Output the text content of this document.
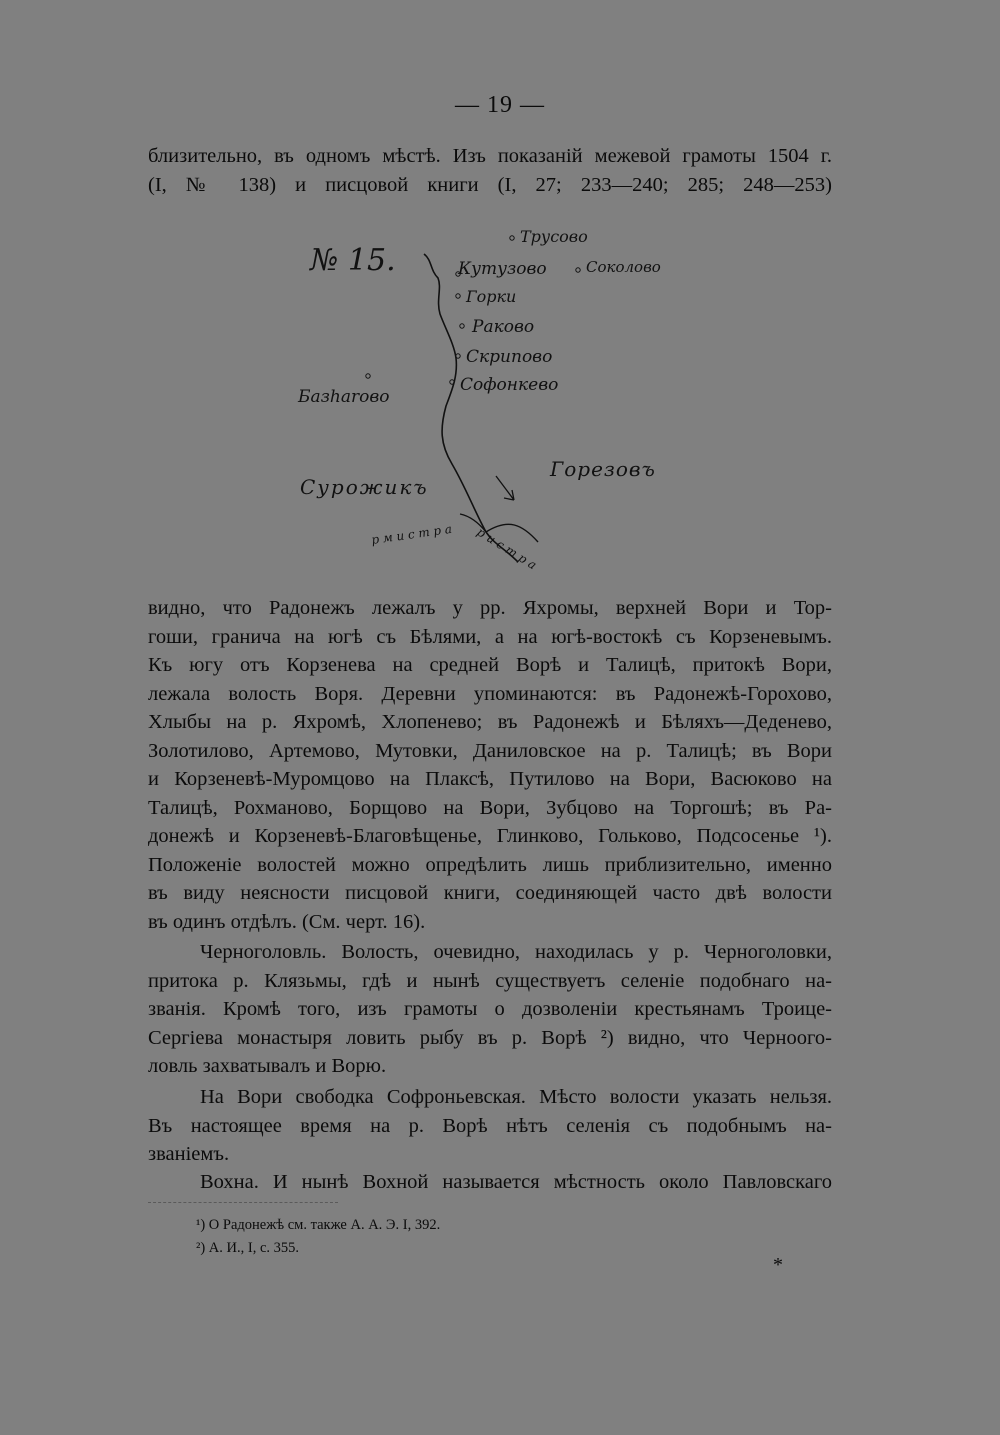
— 19 —
близительно, въ одномъ мѣстѣ. Изъ показаній межевой грамоты 1504 г.
(I, № 138) и писцовой книги (I, 27; 233—240; 285; 248—253)
№ 15.
Трусово
Кутузово	Соколово
Горки
Раково
Скрипово
Софонкево
Базharово
Сурожикъ
Горезовъ
р м и с т р а р и с т р а
видно, что Радонежъ лежалъ у рр. Яхромы, верхней Вори и Тор-
гоши, гранича на югѣ съ Бѣлями, а на югѣ-востокѣ съ Корзеневымъ.
Къ югу отъ Корзенева на средней Ворѣ и Талицѣ, притокѣ Вори,
лежала волость Воря. Деревни упоминаются: въ Радонежѣ-Горохово,
Хлыбы на р. Яхромѣ, Хлопенево; въ Радонежѣ и Бѣляхъ—Деденево,
Золотилово, Артемово, Мутовки, Даниловское на р. Талицѣ; въ Вори
и Корзеневѣ-Муромцово на Плаксѣ, Путилово на Вори, Васюково на
Талицѣ, Рохманово, Борщово на Вори, Зубцово на Торгошѣ; въ Ра-
донежѣ и Корзеневѣ-Благовѣщенье, Глинково, Гольково, Подсосенье ¹).
Положеніе волостей можно опредѣлить лишь приблизительно, именно
въ виду неясности писцовой книги, соединяющей часто двѣ волости
въ одинъ отдѣлъ. (См. черт. 16).
Черноголовль. Волость, очевидно, находилась у р. Черноголовки,
притока р. Клязьмы, гдѣ и нынѣ существуетъ селеніе подобнаго на-
званія. Кромѣ того, изъ грамоты о дозволеніи крестьянамъ Троице-
Сергіева монастыря ловить рыбу въ р. Ворѣ ²) видно, что Черноого-
ловль захватывалъ и Ворю.
На Вори свободка Софроньевская. Мѣсто волости указать нельзя.
Въ настоящее время на р. Ворѣ нѣтъ селенія съ подобнымъ на-
званіемъ.
Вохна. И нынѣ Вохной называется мѣстность около Павловскаго
¹) О Радонежѣ см. также А. А. Э. I, 392.
²) А. И., I, с. 355.
*
